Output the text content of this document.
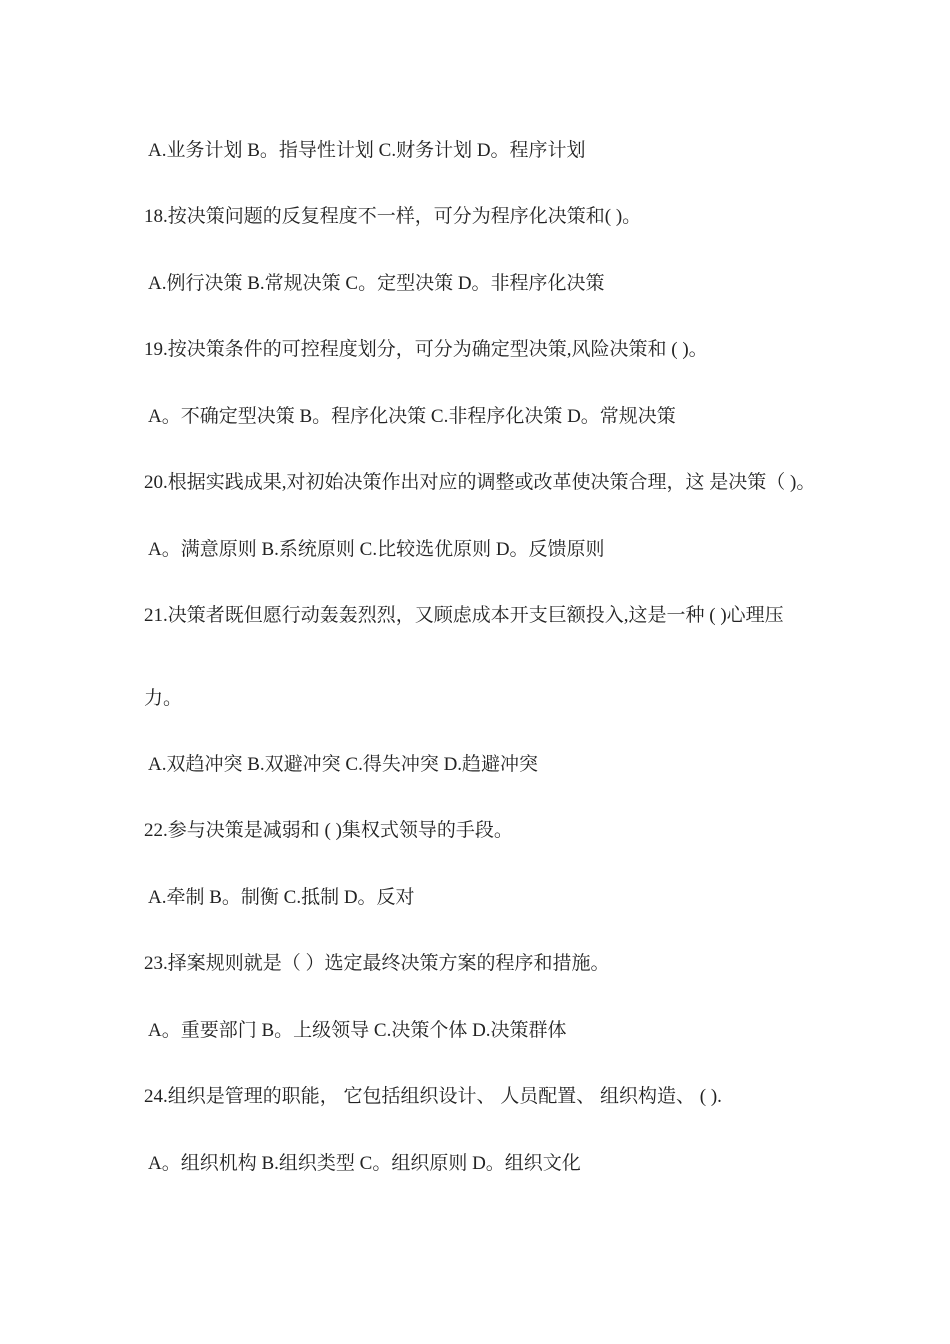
A.业务计划 B。指导性计划 C.财务计划 D。程序计划
18.按决策问题的反复程度不一样，可分为程序化决策和( )。
A.例行决策 B.常规决策 C。定型决策 D。非程序化决策
19.按决策条件的可控程度划分，可分为确定型决策,风险决策和 ( )。
A。不确定型决策 B。程序化决策 C.非程序化决策 D。常规决策
20.根据实践成果,对初始决策作出对应的调整或改革使决策合理，这 是决策（ )。
A。满意原则 B.系统原则 C.比较选优原则 D。反馈原则
21.决策者既但愿行动轰轰烈烈，又顾虑成本开支巨额投入,这是一种 ( )心理压
力。
A.双趋冲突 B.双避冲突 C.得失冲突 D.趋避冲突
22.参与决策是减弱和 ( )集权式领导的手段。
A.牵制 B。制衡 C.抵制 D。反对
23.择案规则就是（ ）选定最终决策方案的程序和措施。
A。重要部门 B。上级领导 C.决策个体 D.决策群体
24.组织是管理的职能， 它包括组织设计、 人员配置、 组织构造、 ( ).
A。组织机构 B.组织类型 C。组织原则 D。组织文化
